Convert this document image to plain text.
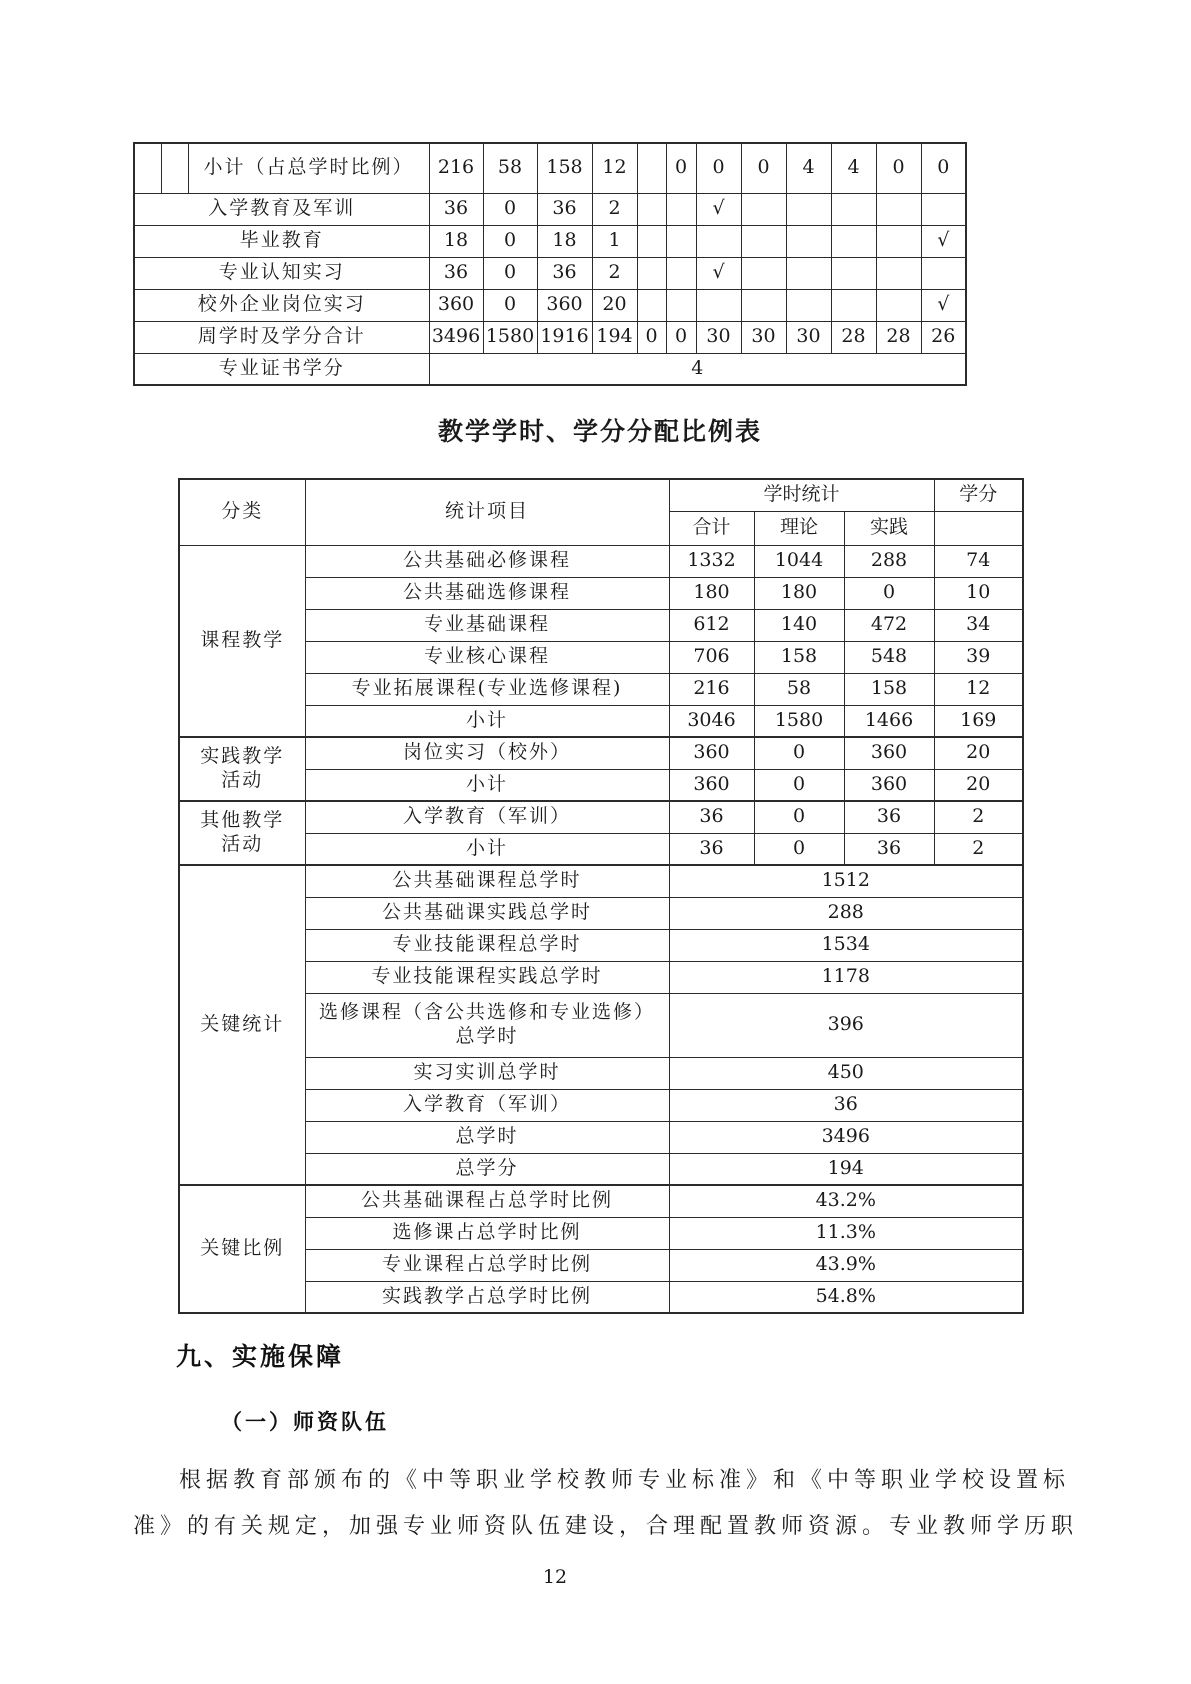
		小计（占总学时比例）	216	58	158	12		0	0	0	4	4	0	0
入学教育及军训			36	0	36	2			√					
毕业教育			18	0	18	1								√
专业认知实习			36	0	36	2			√					
校外企业岗位实习			360	0	360	20								√
周学时及学分合计			3496	1580	1916	194	0	0	30	30	30	28	28	26
专业证书学分			4											
教学学时、学分分配比例表
分类	统计项目	学时统计			学分
		合计	理论	实践	

课程教学	公共基础必修课程	1332	1044	288	74
	公共基础选修课程	180	180	0	10
	专业基础课程	612	140	472	34
	专业核心课程	706	158	548	39
	专业拓展课程(专业选修课程)	216	58	158	12
	小计	3046	1580	1466	169

实践教学
活动	岗位实习（校外）	360	0	360	20
	小计	360	0	360	20

其他教学
活动	入学教育（军训）	36	0	36	2
	小计	36	0	36	2

关键统计	公共基础课程总学时	1512			
	公共基础课实践总学时	288			
	专业技能课程总学时	1534			
	专业技能课程实践总学时	1178			

	选修课程（含公共选修和专业选修）
总学时	396			
	实习实训总学时	450			
	入学教育（军训）	36			
	总学时	3496			
	总学分	194			

关键比例	公共基础课程占总学时比例	43.2%			
	选修课占总学时比例	11.3%			
	专业课程占总学时比例	43.9%			
	实践教学占总学时比例	54.8%			
九、实施保障
（一）师资队伍
根据教育部颁布的《中等职业学校教师专业标准》和《中等职业学校设置标
准》的有关规定，加强专业师资队伍建设，合理配置教师资源。专业教师学历职
12
